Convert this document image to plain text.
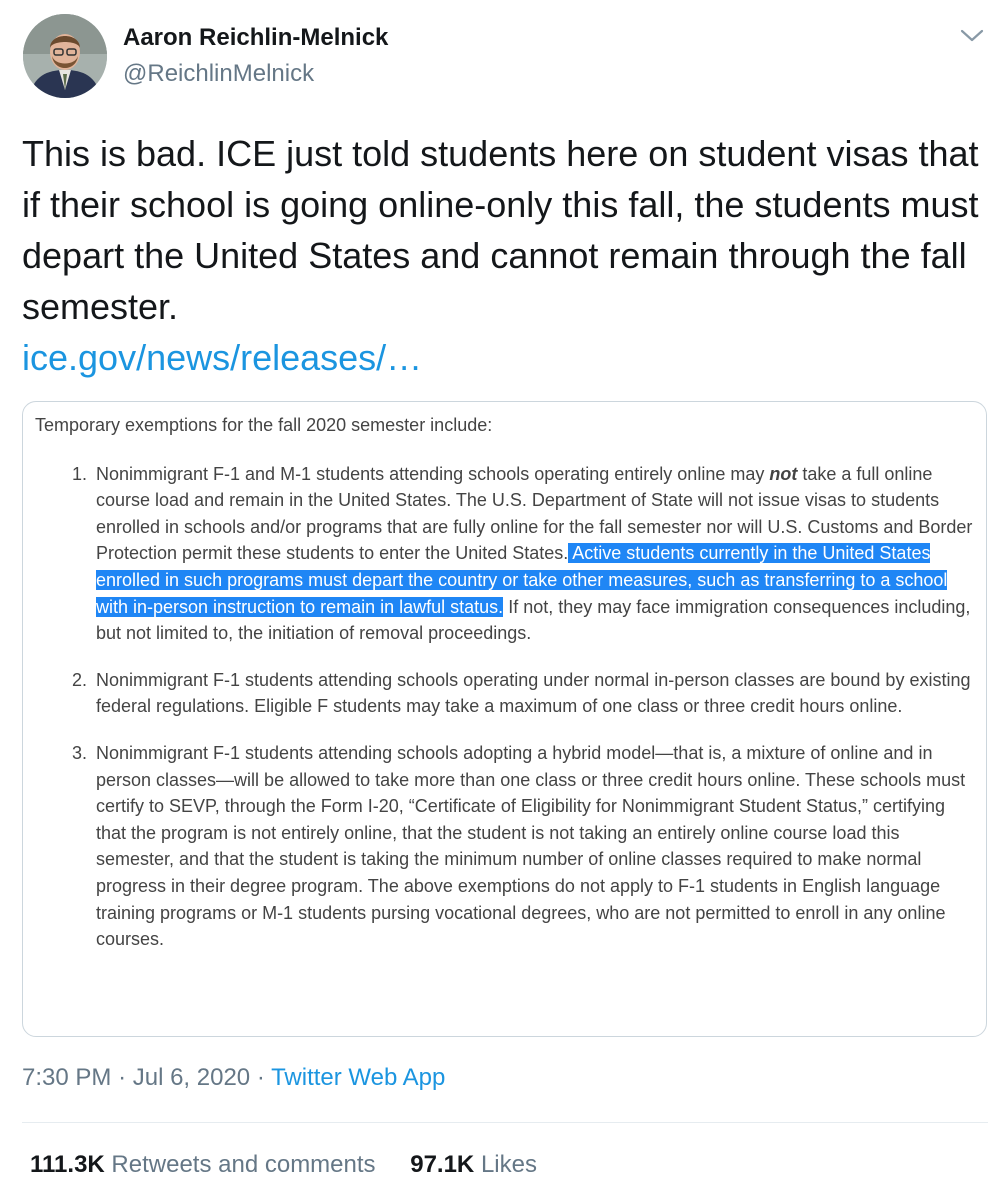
Aaron Reichlin-Melnick
@ReichlinMelnick

This is bad. ICE just told students here on student visas that if their school is going online-only this fall, the students must depart the United States and cannot remain through the fall semester.
ice.gov/news/releases/…

Temporary exemptions for the fall 2020 semester include:

1. Nonimmigrant F-1 and M-1 students attending schools operating entirely online may not take a full online course load and remain in the United States. The U.S. Department of State will not issue visas to students enrolled in schools and/or programs that are fully online for the fall semester nor will U.S. Customs and Border Protection permit these students to enter the United States. Active students currently in the United States enrolled in such programs must depart the country or take other measures, such as transferring to a school with in-person instruction to remain in lawful status. If not, they may face immigration consequences including, but not limited to, the initiation of removal proceedings.
2. Nonimmigrant F-1 students attending schools operating under normal in-person classes are bound by existing federal regulations. Eligible F students may take a maximum of one class or three credit hours online.
3. Nonimmigrant F-1 students attending schools adopting a hybrid model—that is, a mixture of online and in person classes—will be allowed to take more than one class or three credit hours online. These schools must certify to SEVP, through the Form I-20, “Certificate of Eligibility for Nonimmigrant Student Status,” certifying that the program is not entirely online, that the student is not taking an entirely online course load this semester, and that the student is taking the minimum number of online classes required to make normal progress in their degree program. The above exemptions do not apply to F-1 students in English language training programs or M-1 students pursing vocational degrees, who are not permitted to enroll in any online courses.
7:30 PM · Jul 6, 2020 · Twitter Web App
111.3K Retweets and comments 97.1K Likes
